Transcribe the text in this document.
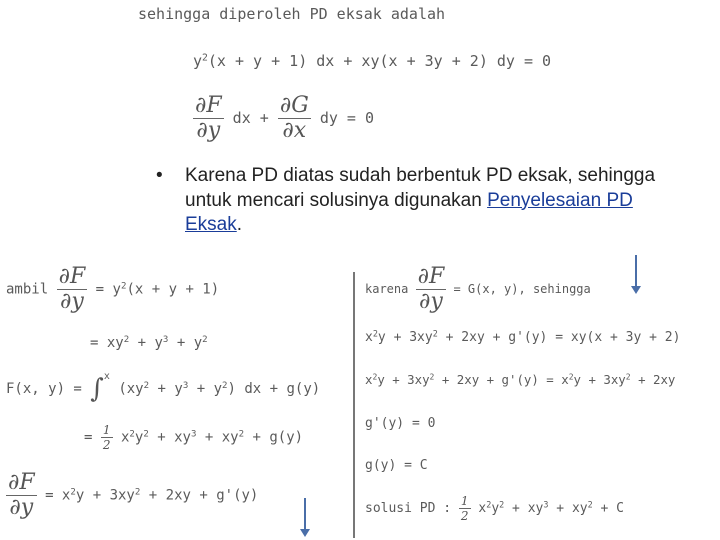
sehingga diperoleh PD eksak adalah
$y^2(x + y + 1)$ dx + xy(x + 3y + 2) dy = 0
$\frac{\partial F}{\partial y}$ dx + $\frac{\partial G}{\partial x}$ dy = 0
• Karena PD diatas sudah berbentuk PD eksak, sehingga untuk mencari solusinya digunakan Penyelesaian PD Eksak.
ambil $\frac{\partial F}{\partial y} = y^2(x + y + 1)$
= $xy^2 + y^3 + y^2$
F(x, y) = ∫$^x$ $(xy^2 + y^3 + y^2)$ dx + g(y)
= $\frac{1}{2} x^2y^2 + xy^3 + xy^2 + g(y)$
$\frac{\partial F}{\partial y} = x^2y + 3xy^2 + 2xy + g'(y)$
karena $\frac{\partial F}{\partial y} = G(x$, y), sehingga
$x^2y + 3xy^2 + 2xy + g'(y) = xy(x + 3y + 2)$
$x^2y + 3xy^2 + 2xy + g'(y) = x^2y + 3xy^2 + 2xy$
g'(y) = 0
g(y) = C
solusi PD : $\frac{1}{2} x^2y^2 + xy^3 + xy^2 + C$
